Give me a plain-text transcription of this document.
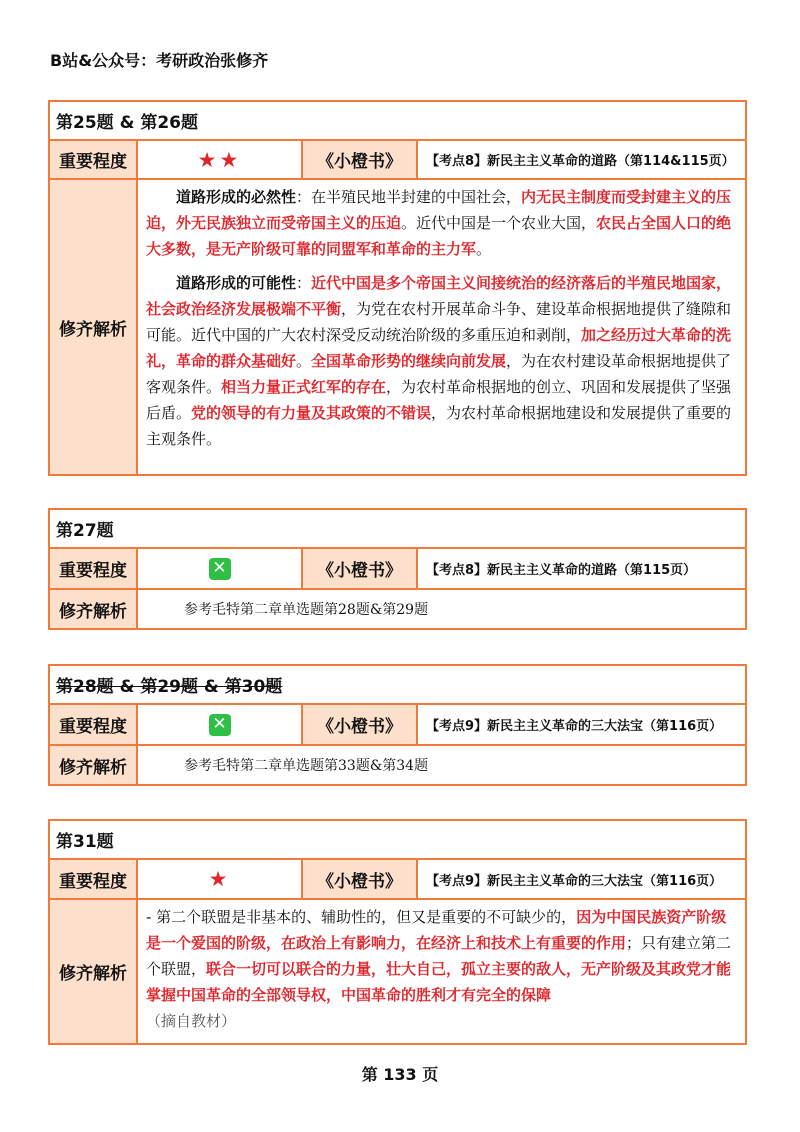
B站&公众号：考研政治张修齐
第25题 & 第26题
重要程度	★★	《小橙书》	【考点8】新民主主义革命的道路（第114&115页）
修齐解析

道路形成的必然性：在半殖民地半封建的中国社会，内无民主制度而受封建主义的压迫，外无民族独立而受帝国主义的压迫。近代中国是一个农业大国，农民占全国人口的绝大多数，是无产阶级可靠的同盟军和革命的主力军。

道路形成的可能性：近代中国是多个帝国主义间接统治的经济落后的半殖民地国家，社会政治经济发展极端不平衡，为党在农村开展革命斗争、建设革命根据地提供了缝隙和可能。近代中国的广大农村深受反动统治阶级的多重压迫和剥削，加之经历过大革命的洗礼，革命的群众基础好。全国革命形势的继续向前发展，为在农村建设革命根据地提供了客观条件。相当力量正式红军的存在，为农村革命根据地的创立、巩固和发展提供了坚强后盾。党的领导的有力量及其政策的不错误，为农村革命根据地建设和发展提供了重要的主观条件。

第27题
重要程度	✕	《小橙书》	【考点8】新民主主义革命的道路（第115页）
修齐解析	参考毛特第二章单选题第28题&第29题
第28题 & 第29题 & 第30题
重要程度	✕	《小橙书》	【考点9】新民主主义革命的三大法宝（第116页）
修齐解析	参考毛特第二章单选题第33题&第34题
第31题
重要程度	★	《小橙书》	【考点9】新民主主义革命的三大法宝（第116页）
修齐解析

- 第二个联盟是非基本的、辅助性的，但又是重要的不可缺少的，因为中国民族资产阶级是一个爱国的阶级，在政治上有影响力，在经济上和技术上有重要的作用；只有建立第二个联盟，联合一切可以联合的力量，壮大自己，孤立主要的敌人，无产阶级及其政党才能掌握中国革命的全部领导权，中国革命的胜利才有完全的保障
（摘自教材）

第 133 页
